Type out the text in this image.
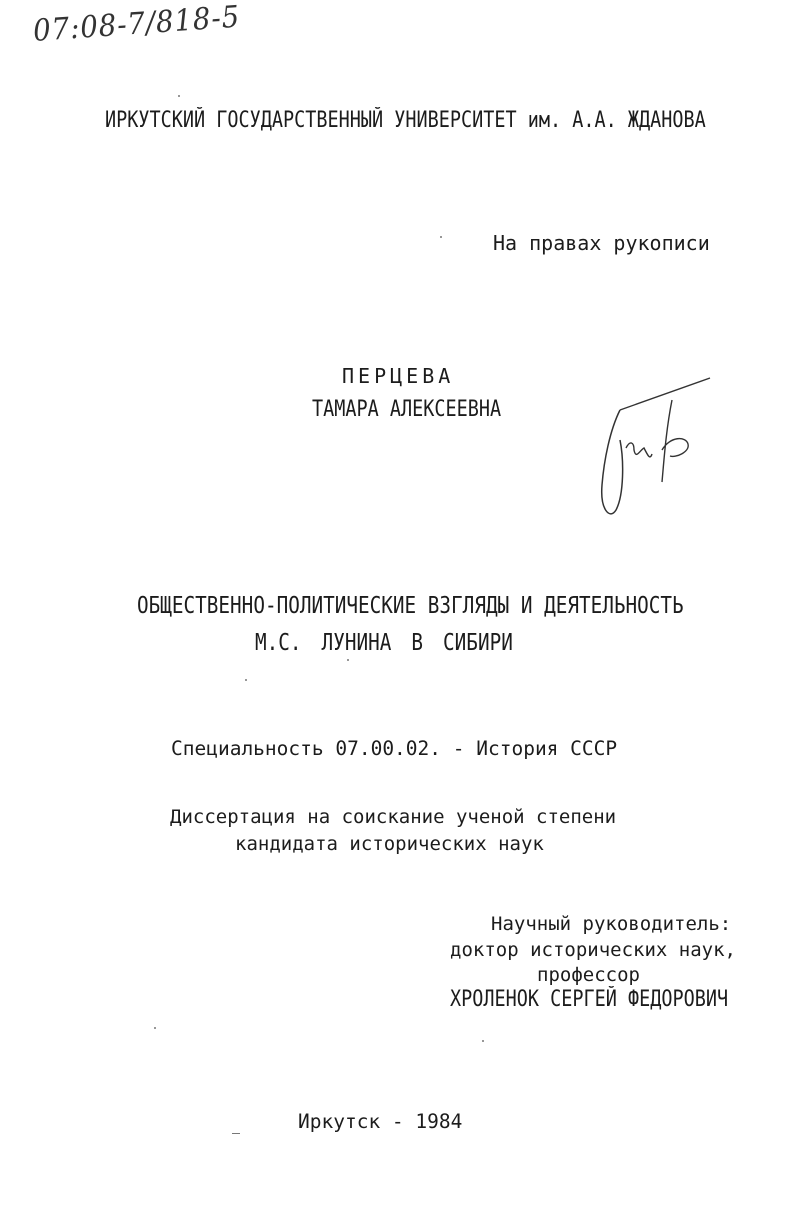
07:08-7/818-5
ИРКУТСКИЙ ГОСУДАРСТВЕННЫЙ УНИВЕРСИТЕТ им. А.А. ЖДАНОВА
На правах рукописи
ПЕРЦЕВА
ТАМАРА АЛЕКСЕЕВНА
ОБЩЕСТВЕННО-ПОЛИТИЧЕСКИЕ ВЗГЛЯДЫ И ДЕЯТЕЛЬНОСТЬ
М.С. ЛУНИНА В СИБИРИ
Специальность 07.00.02. - История СССР
Диссертация на соискание ученой степени
кандидата исторических наук
Научный руководитель:
доктор исторических наук,
профессор
ХРОЛЕНОК СЕРГЕЙ ФЕДОРОВИЧ
Иркутск - 1984
